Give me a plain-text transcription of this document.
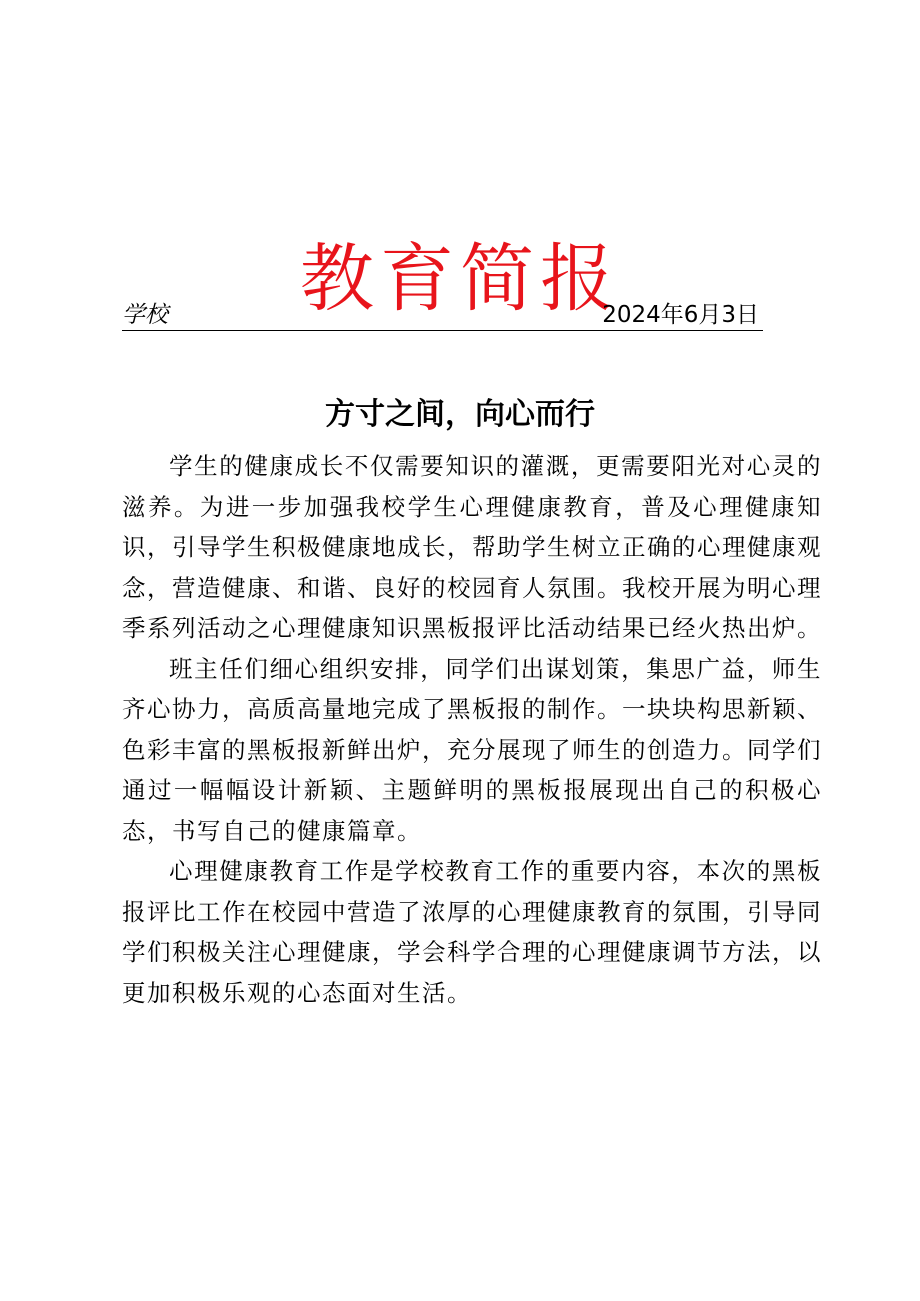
教育简报
学校	2024年6月3日
方寸之间，向心而行

学生的健康成长不仅需要知识的灌溉，更需要阳光对心灵的滋养。为进一步加强我校学生心理健康教育，普及心理健康知识，引导学生积极健康地成长，帮助学生树立正确的心理健康观念，营造健康、和谐、良好的校园育人氛围。我校开展为明心理季系列活动之心理健康知识黑板报评比活动结果已经火热出炉。

班主任们细心组织安排，同学们出谋划策，集思广益，师生齐心协力，高质高量地完成了黑板报的制作。一块块构思新颖、色彩丰富的黑板报新鲜出炉，充分展现了师生的创造力。同学们通过一幅幅设计新颖、主题鲜明的黑板报展现出自己的积极心态，书写自己的健康篇章。

心理健康教育工作是学校教育工作的重要内容，本次的黑板报评比工作在校园中营造了浓厚的心理健康教育的氛围，引导同学们积极关注心理健康，学会科学合理的心理健康调节方法，以更加积极乐观的心态面对生活。
